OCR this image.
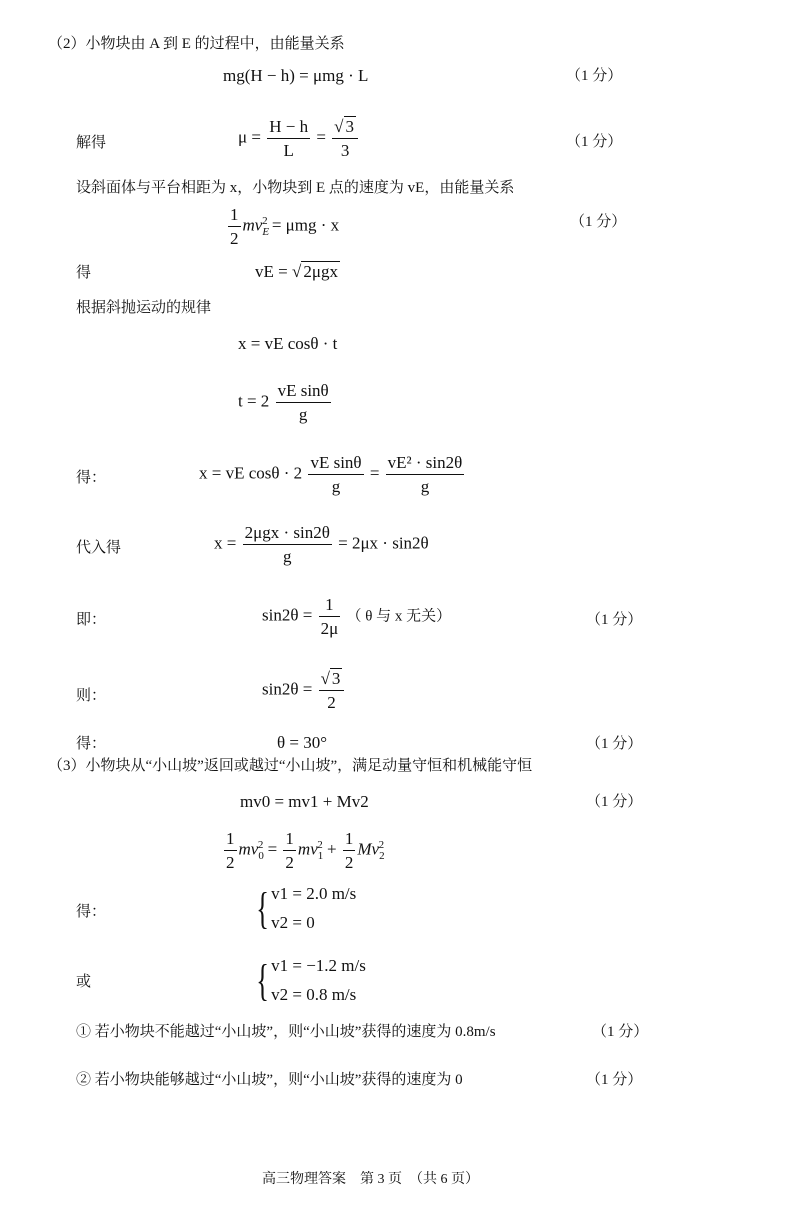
（2）小物块由 A 到 E 的过程中，由能量关系
mg(H − h) = μmg · L	（1 分）
解得	$\mu = \frac{H - h}{L} = \frac{√ 3}{3}$	（1 分）
设斜面体与平台相距为 x，小物块到 E 点的速度为 vE，由能量关系
$\frac{1}{2} mv_E^2 = \mu mg \cdot x$	（1 分）
得	vE = √ 2μgx
根据斜抛运动的规律
x = vE cosθ · t
$t = 2 \frac{\text{vE sinθ}}{g}$
得：	x = vE $\cos\theta \cdot 2 \frac{\text{vE sinθ}}{g} = \frac{\text{vE² · sin2θ}}{g}$
代入得	$x = \frac{\text{2μgx · sin2θ}}{g} = 2\mu x \cdot \sin 2\theta$
即：	$\sin 2\theta = \frac{1}{2\mu}$ （ θ 与 x 无关）	（1 分）
则：	$\sin 2\theta = \frac{√ 3}{2}$
得：	θ = 30°	（1 分）
（3）小物块从“小山坡”返回或越过“小山坡”，满足动量守恒和机械能守恒
mv0 = mv1 + Mv2	（1 分）
$\frac{1}{2} mv_0^2 = \frac{1}{2} mv_1^2 + \frac{1}{2} Mv_2^2$
得：	{ v1 = 2.0 m/s
v2 = 0
或	{ v1 = −1.2 m/s
v2 = 0.8 m/s
① 若小物块不能越过“小山坡”，则“小山坡”获得的速度为 0.8m/s	（1 分）
② 若小物块能够越过“小山坡”，则“小山坡”获得的速度为 0	（1 分）
高三物理答案　第 3 页　（共 6 页）
